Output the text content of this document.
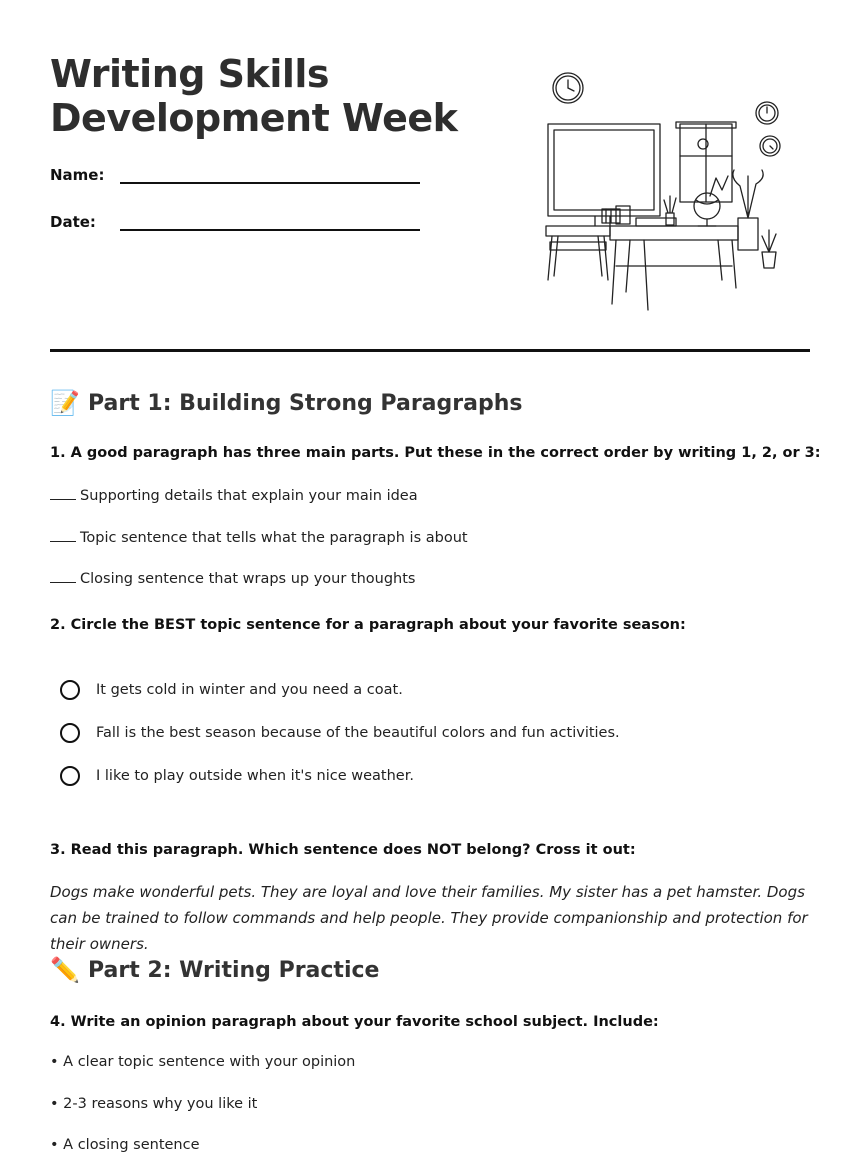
Writing Skills
Development Week
Name:
Date:
📝 Part 1: Building Strong Paragraphs
1. A good paragraph has three main parts. Put these in the correct order by writing 1, 2, or 3:
Supporting details that explain your main idea
Topic sentence that tells what the paragraph is about
Closing sentence that wraps up your thoughts
2. Circle the BEST topic sentence for a paragraph about your favorite season:
It gets cold in winter and you need a coat.
Fall is the best season because of the beautiful colors and fun activities.
I like to play outside when it's nice weather.
3. Read this paragraph. Which sentence does NOT belong? Cross it out:
Dogs make wonderful pets. They are loyal and love their families. My sister has a pet hamster. Dogs can be trained to follow commands and help people. They provide companionship and protection for their owners.
✏️ Part 2: Writing Practice
4. Write an opinion paragraph about your favorite school subject. Include:
• A clear topic sentence with your opinion
• 2-3 reasons why you like it
• A closing sentence
